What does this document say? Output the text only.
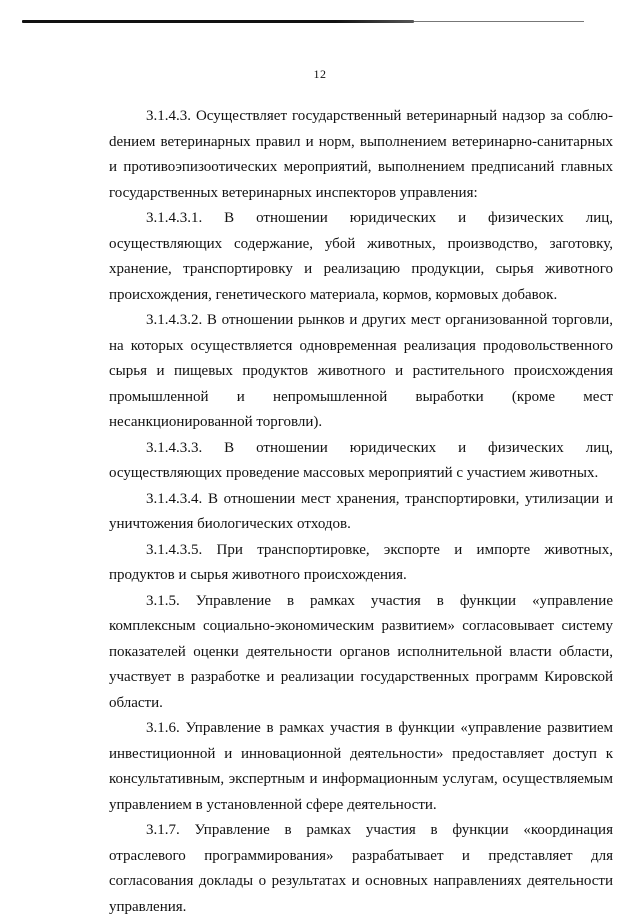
12

3.1.4.3. Осуществляет государственный ветеринарный надзор за соблюdением ветеринарных правил и норм, выполнением ветеринарно-санитарных и противоэпизоотических мероприятий, выполнением предписаний главных государственных ветеринарных инспекторов управления:

3.1.4.3.1. В отношении юридических и физических лиц, осуществляющих содержание, убой животных, производство, заготовку, хранение, транспортировку и реализацию продукции, сырья животного происхождения, генетического материала, кормов, кормовых добавок.

3.1.4.3.2. В отношении рынков и других мест организованной торговли, на которых осуществляется одновременная реализация продовольственного сырья и пищевых продуктов животного и растительного происхождения промышленной и непромышленной выработки (кроме мест несанкционированной торговли).

3.1.4.3.3. В отношении юридических и физических лиц, осуществляющих проведение массовых мероприятий с участием животных.

3.1.4.3.4. В отношении мест хранения, транспортировки, утилизации и уничтожения биологических отходов.

3.1.4.3.5. При транспортировке, экспорте и импорте животных, продуктов и сырья животного происхождения.

3.1.5. Управление в рамках участия в функции «управление комплексным социально-экономическим развитием» согласовывает систему показателей оценки деятельности органов исполнительной власти области, участвует в разработке и реализации государственных программ Кировской области.

3.1.6. Управление в рамках участия в функции «управление развитием инвестиционной и инновационной деятельности» предоставляет доступ к консультативным, экспертным и информационным услугам, осуществляемым управлением в установленной сфере деятельности.

3.1.7. Управление в рамках участия в функции «координация отраслевого программирования» разрабатывает и представляет для согласования доклады о результатах и основных направлениях деятельности управления.
